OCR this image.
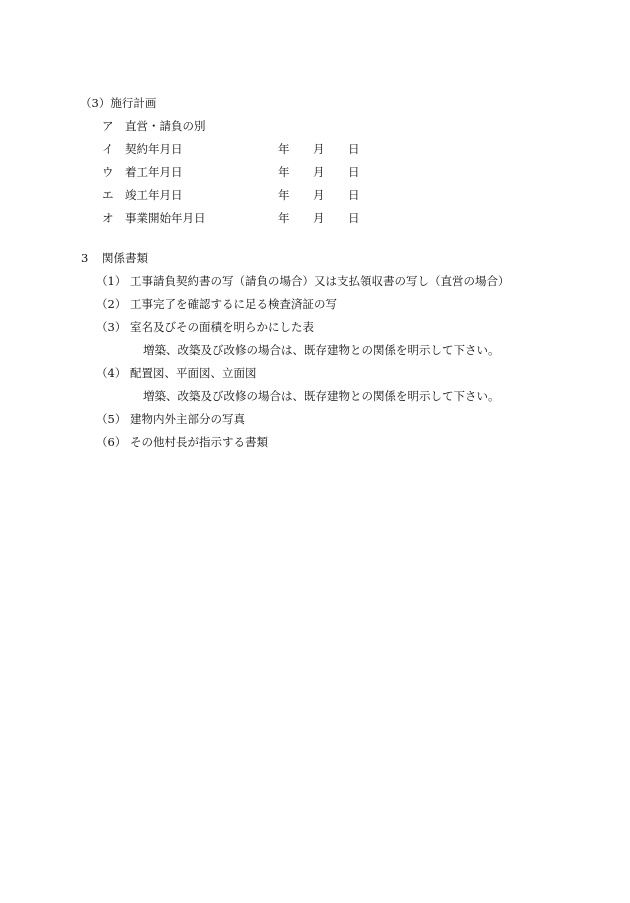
（3）施行計画
ア 直営・請負の別
イ 契約年月日	年 月 日
ウ 着工年月日	年 月 日
エ 竣工年月日	年 月 日
オ 事業開始年月日	年 月 日
3 関係書類
（1） 工事請負契約書の写（請負の場合）又は支払領収書の写し（直営の場合）
（2） 工事完了を確認するに足る検査済証の写
（3） 室名及びその面積を明らかにした表
増築、改築及び改修の場合は、既存建物との関係を明示して下さい。
（4） 配置図、平面図、立面図
増築、改築及び改修の場合は、既存建物との関係を明示して下さい。
（5） 建物内外主部分の写真
（6） その他村長が指示する書類
